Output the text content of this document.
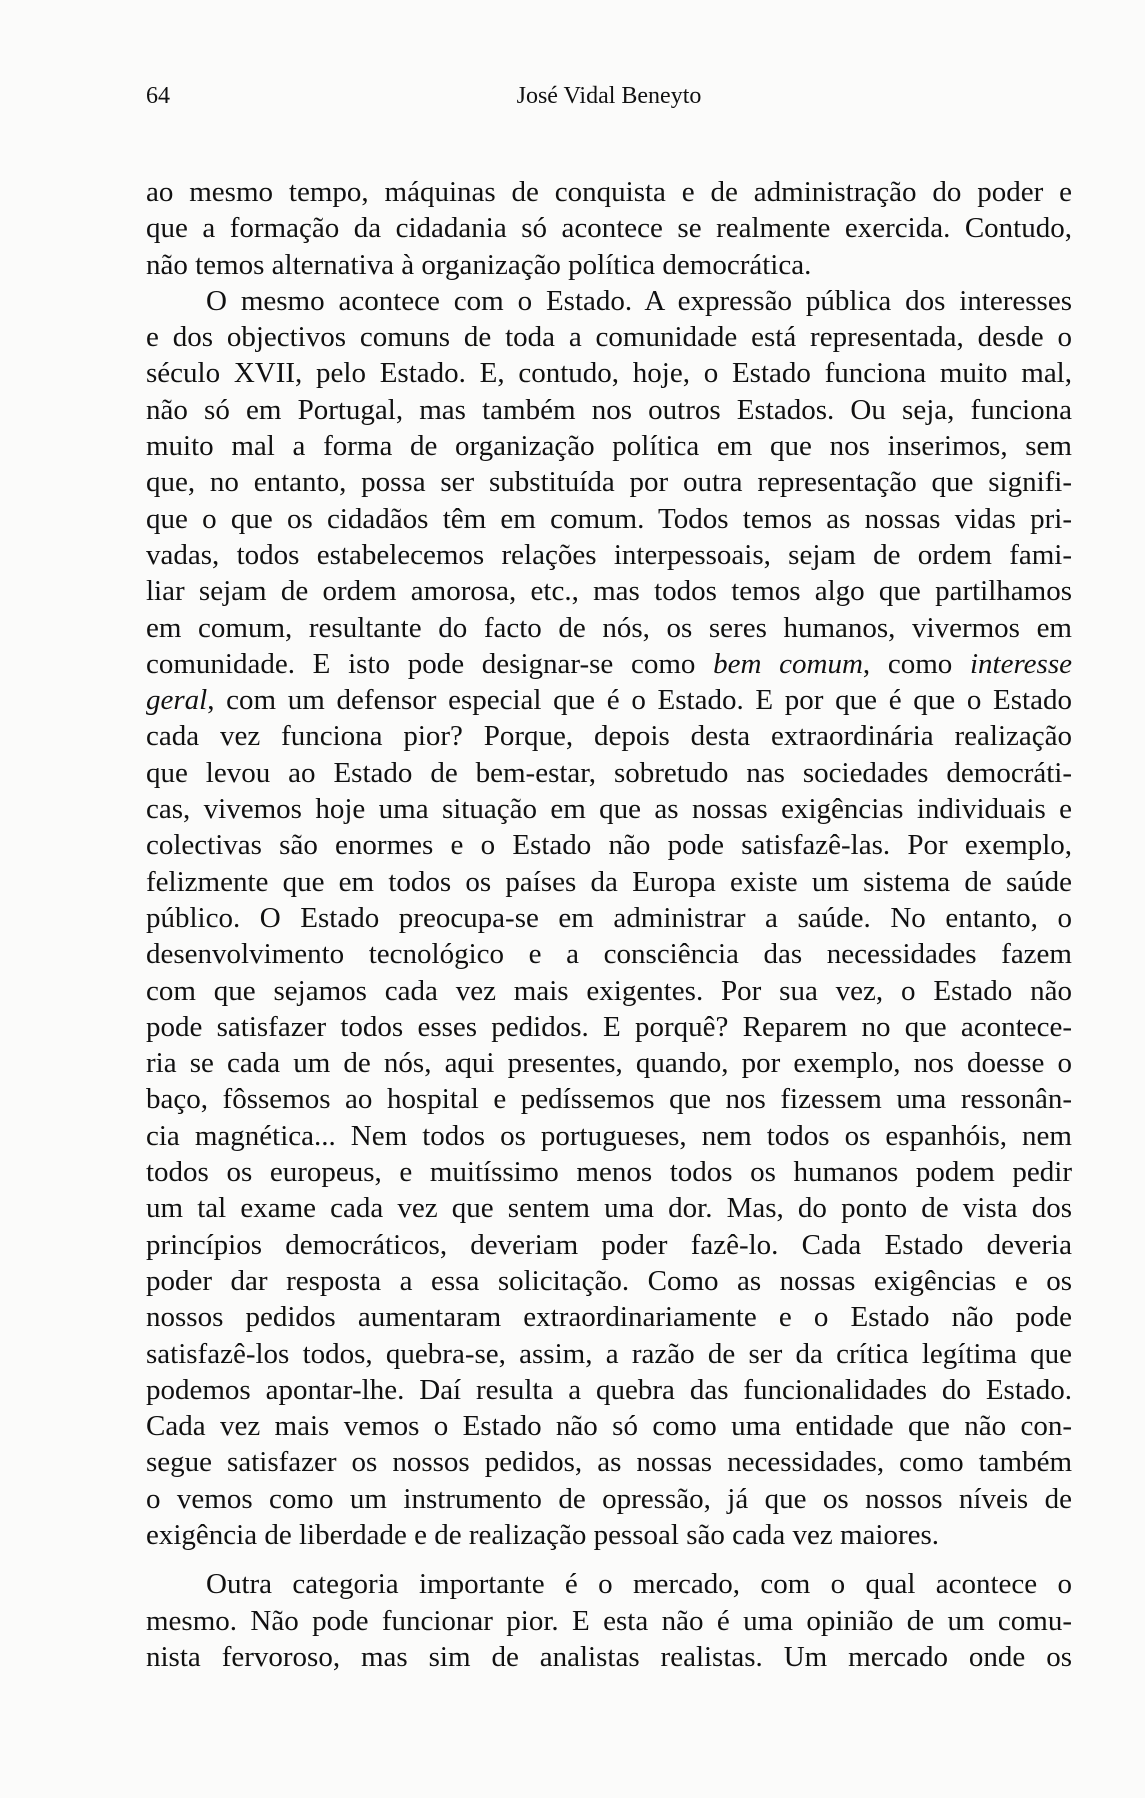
64	José Vidal Beneyto

ao mesmo tempo, máquinas de conquista e de administração do poder e
que a formação da cidadania só acontece se realmente exercida. Contudo,
não temos alternativa à organização política democrática.

O mesmo acontece com o Estado. A expressão pública dos interesses
e dos objectivos comuns de toda a comunidade está representada, desde o
século XVII, pelo Estado. E, contudo, hoje, o Estado funciona muito mal,
não só em Portugal, mas também nos outros Estados. Ou seja, funciona
muito mal a forma de organização política em que nos inserimos, sem
que, no entanto, possa ser substituída por outra representação que signifi-
que o que os cidadãos têm em comum. Todos temos as nossas vidas pri-
vadas, todos estabelecemos relações interpessoais, sejam de ordem fami-
liar sejam de ordem amorosa, etc., mas todos temos algo que partilhamos
em comum, resultante do facto de nós, os seres humanos, vivermos em
comunidade. E isto pode designar-se como bem comum, como interesse
geral, com um defensor especial que é o Estado. E por que é que o Estado
cada vez funciona pior? Porque, depois desta extraordinária realização
que levou ao Estado de bem-estar, sobretudo nas sociedades democráti-
cas, vivemos hoje uma situação em que as nossas exigências individuais e
colectivas são enormes e o Estado não pode satisfazê-las. Por exemplo,
felizmente que em todos os países da Europa existe um sistema de saúde
público. O Estado preocupa-se em administrar a saúde. No entanto, o
desenvolvimento tecnológico e a consciência das necessidades fazem
com que sejamos cada vez mais exigentes. Por sua vez, o Estado não
pode satisfazer todos esses pedidos. E porquê? Reparem no que acontece-
ria se cada um de nós, aqui presentes, quando, por exemplo, nos doesse o
baço, fôssemos ao hospital e pedíssemos que nos fizessem uma ressonân-
cia magnética... Nem todos os portugueses, nem todos os espanhóis, nem
todos os europeus, e muitíssimo menos todos os humanos podem pedir
um tal exame cada vez que sentem uma dor. Mas, do ponto de vista dos
princípios democráticos, deveriam poder fazê-lo. Cada Estado deveria
poder dar resposta a essa solicitação. Como as nossas exigências e os
nossos pedidos aumentaram extraordinariamente e o Estado não pode
satisfazê-los todos, quebra-se, assim, a razão de ser da crítica legítima que
podemos apontar-lhe. Daí resulta a quebra das funcionalidades do Estado.
Cada vez mais vemos o Estado não só como uma entidade que não con-
segue satisfazer os nossos pedidos, as nossas necessidades, como também
o vemos como um instrumento de opressão, já que os nossos níveis de
exigência de liberdade e de realização pessoal são cada vez maiores.

Outra categoria importante é o mercado, com o qual acontece o
mesmo. Não pode funcionar pior. E esta não é uma opinião de um comu-
nista fervoroso, mas sim de analistas realistas. Um mercado onde os
